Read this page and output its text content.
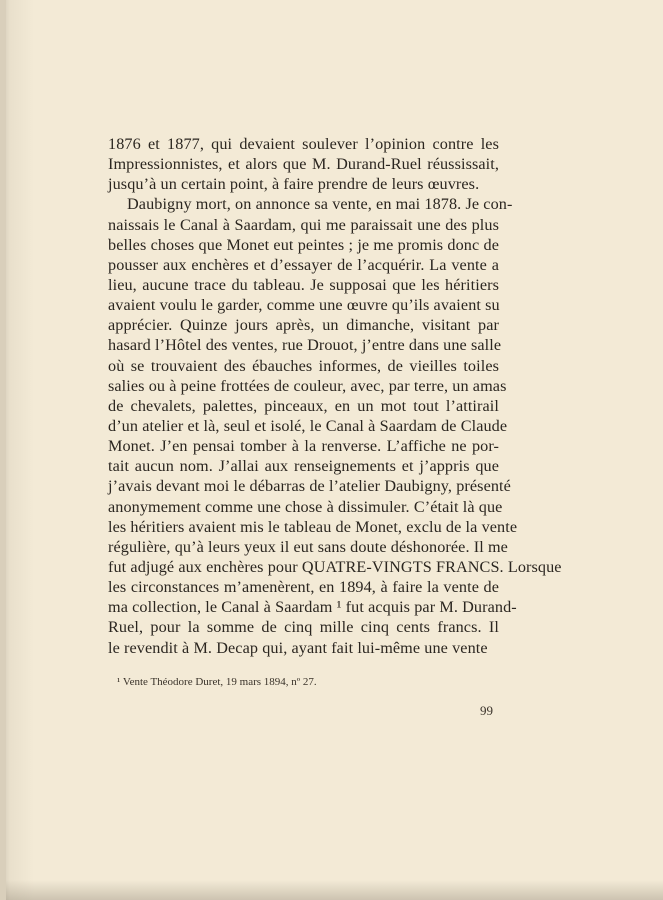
1876 et 1877, qui devaient soulever l’opinion contre les
Impressionnistes, et alors que M. Durand-Ruel réussissait,
jusqu’à un certain point, à faire prendre de leurs œuvres.
Daubigny mort, on annonce sa vente, en mai 1878. Je con-
naissais le Canal à Saardam, qui me paraissait une des plus
belles choses que Monet eut peintes ; je me promis donc de
pousser aux enchères et d’essayer de l’acquérir. La vente a
lieu, aucune trace du tableau. Je supposai que les héritiers
avaient voulu le garder, comme une œuvre qu’ils avaient su
apprécier. Quinze jours après, un dimanche, visitant par
hasard l’Hôtel des ventes, rue Drouot, j’entre dans une salle
où se trouvaient des ébauches informes, de vieilles toiles
salies ou à peine frottées de couleur, avec, par terre, un amas
de chevalets, palettes, pinceaux, en un mot tout l’attirail
d’un atelier et là, seul et isolé, le Canal à Saardam de Claude
Monet. J’en pensai tomber à la renverse. L’affiche ne por-
tait aucun nom. J’allai aux renseignements et j’appris que
j’avais devant moi le débarras de l’atelier Daubigny, présenté
anonymement comme une chose à dissimuler. C’était là que
les héritiers avaient mis le tableau de Monet, exclu de la vente
régulière, qu’à leurs yeux il eut sans doute déshonorée. Il me
fut adjugé aux enchères pour QUATRE-VINGTS FRANCS. Lorsque
les circonstances m’amenèrent, en 1894, à faire la vente de
ma collection, le Canal à Saardam ¹ fut acquis par M. Durand-
Ruel, pour la somme de cinq mille cinq cents francs. Il
le revendit à M. Decap qui, ayant fait lui-même une vente
¹ Vente Théodore Duret, 19 mars 1894, nº 27.
99
